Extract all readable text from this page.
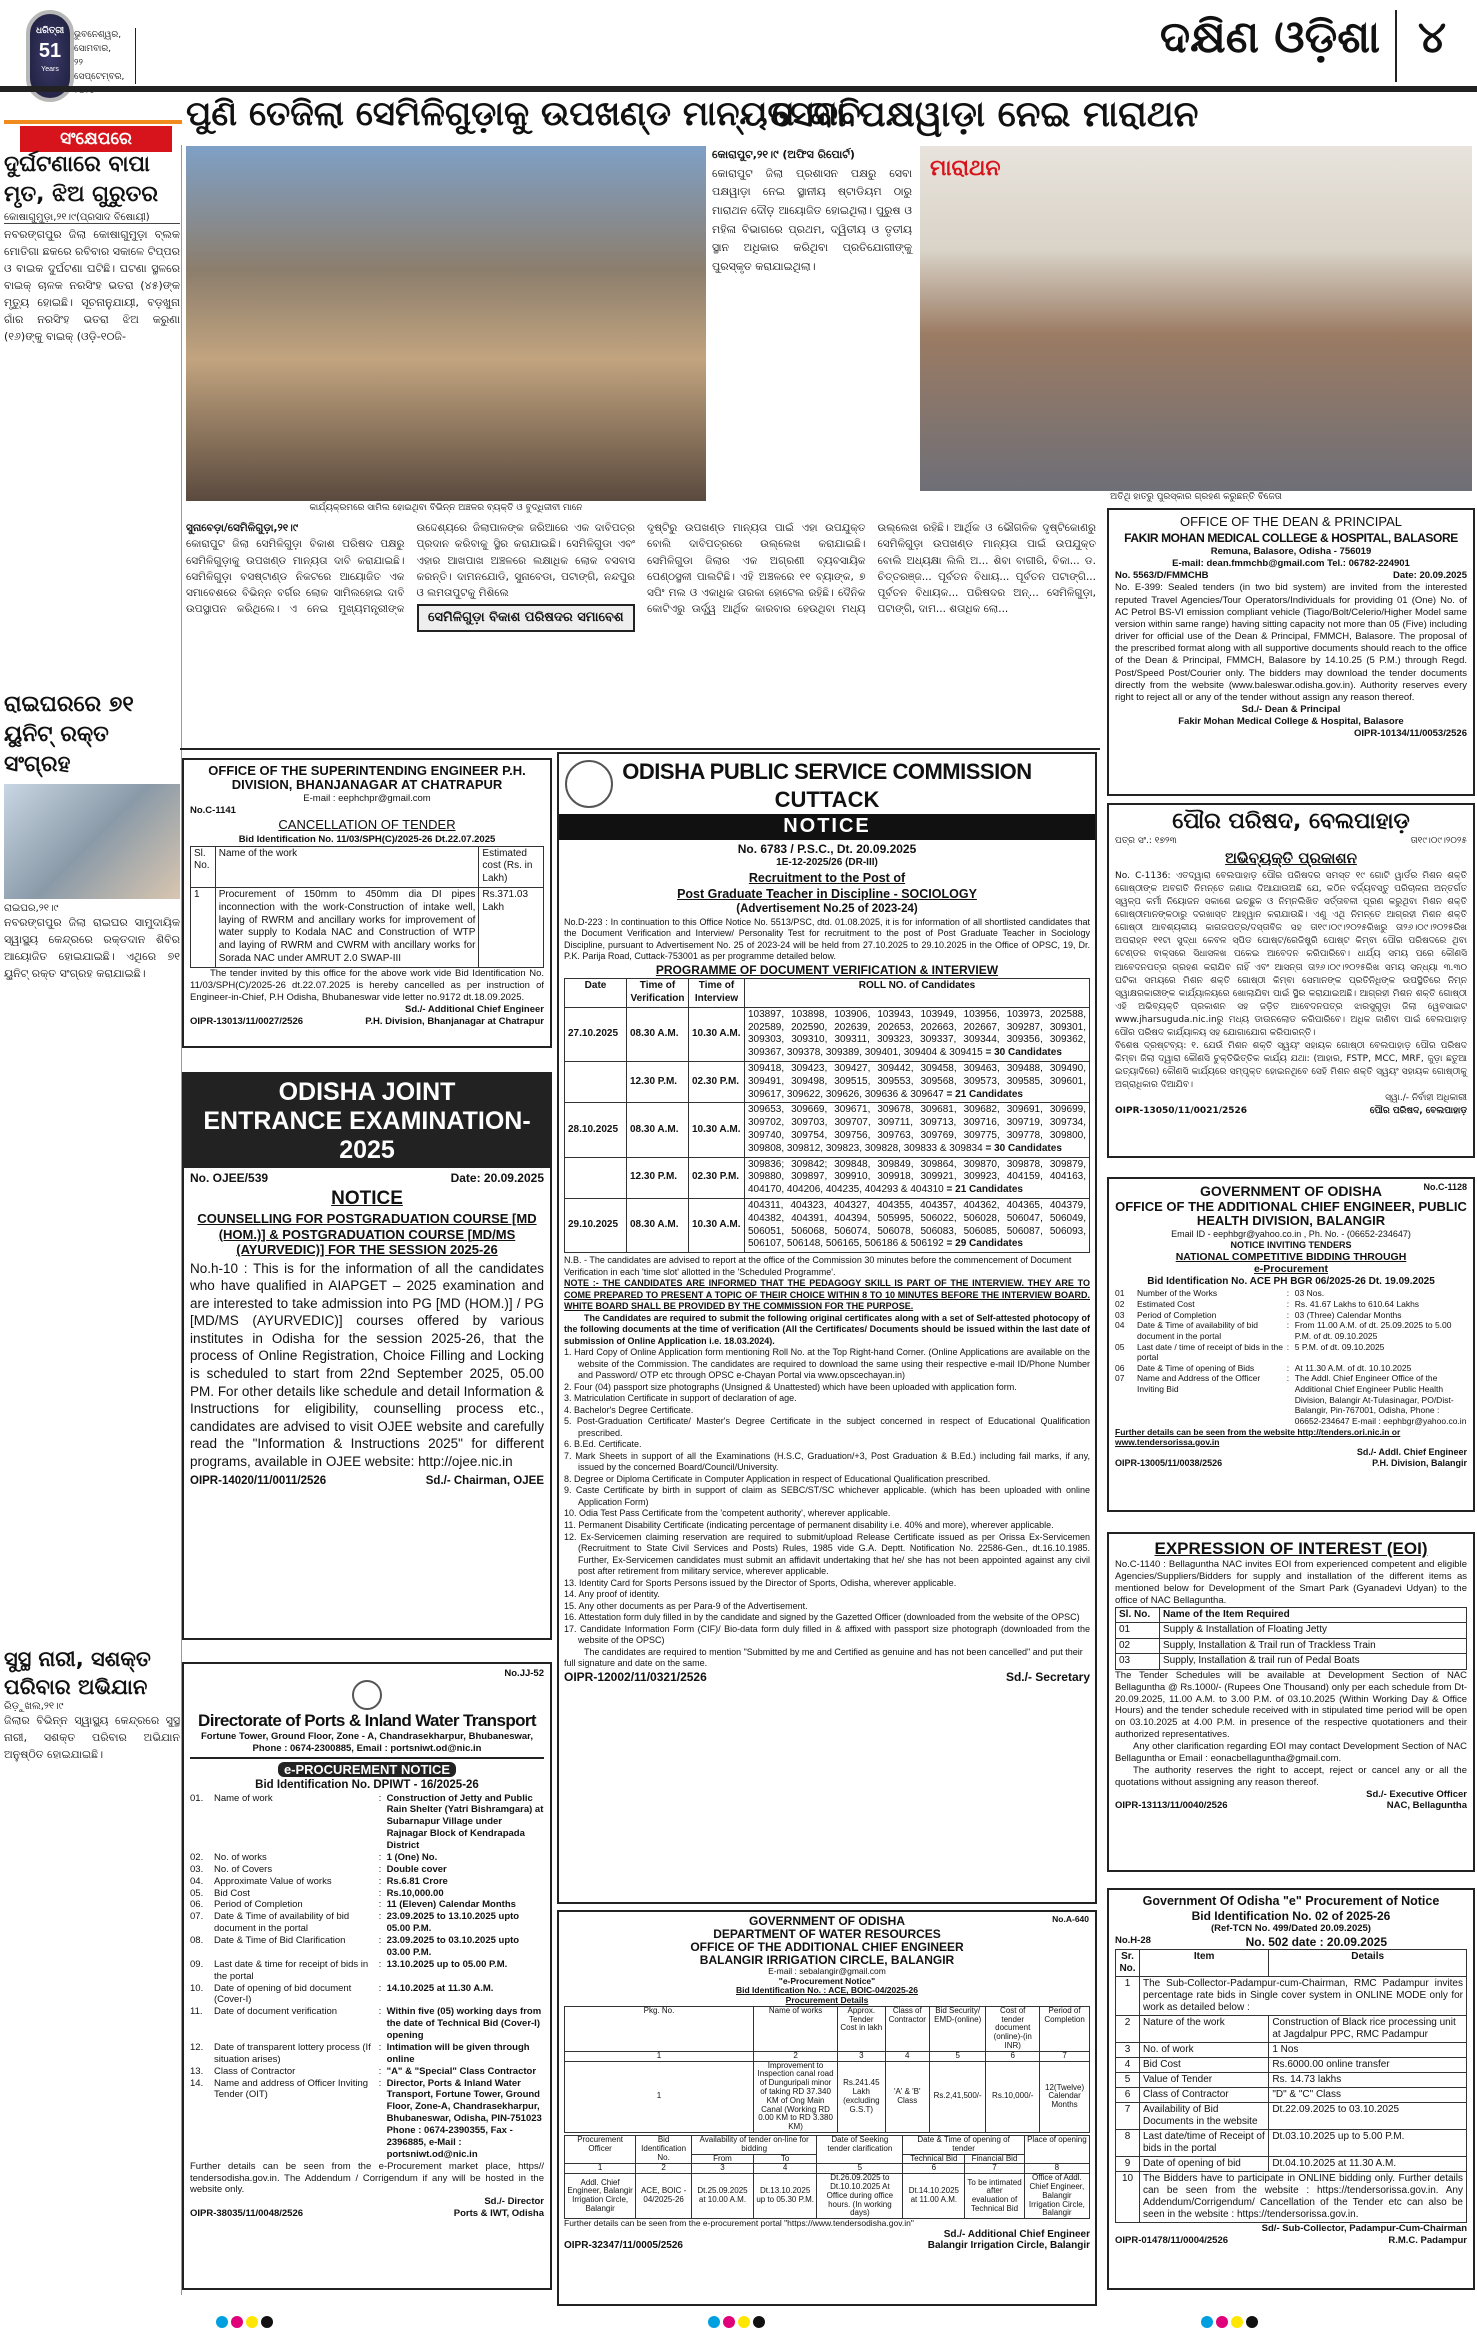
ଧରିତ୍ରୀ
51
Years
ଭୁବନେଶ୍ୱର, ସୋମବାର,
୨୨ ସେପ୍ଟେମ୍ବର,
ଦକ୍ଷିଣ ଓଡ଼ିଶା ୪
ସଂକ୍ଷେପରେ
ପୁଣି ତେଜିଲା ସେମିଳିଗୁଡ଼ାକୁ ଉପଖଣ୍ଡ ମାନ୍ୟତା ଦାବି
ସେବା ପକ୍ଷୱାଡ଼ା ନେଇ ମାରାଥନ
ଦୁର୍ଘଟଣାରେ ବାପା ମୃତ, ଝିଅ ଗୁରୁତର
କୋଷାଗୁମୁଡ଼ା,୨୧।୯(ପ୍ରସାଦ ବିଷୋୟୀ)
ନବରଙ୍ଗପୁର ଜିଲା କୋଷାଗୁମୁଡ଼ା ବ୍ଲକ ମୋତିଗା ଛକରେ ରବିବାର ସକାଳେ ଟିପ୍ପର ଓ ବାଇକ ଦୁର୍ଘଟଣା ଘଟିଛି। ଘଟଣା ସ୍ଥଳରେ ବାଇକ୍ ଚାଳକ ନରସିଂହ ଭତରା (୪୫)ଙ୍କ ମୃତ୍ୟୁ ହୋଇଛି। ସୂଚନାନୁଯାୟୀ, ବଡ଼ଖୁନା ଗାଁର ନରସିଂହ ଭତରା ଝିଅ କରୁଣା (୧୬)ଙ୍କୁ ବାଇକ୍ (ଓଡ଼ି-୧୦ଜି-
ରାଇଘରରେ ୭୧ ୟୁନିଟ୍ ରକ୍ତ ସଂଗ୍ରହ
ରାଇଘର,୨୧।୯
ନବରଙ୍ଗପୁର ଜିଲା ରାଇଘର ସାମୁଦାୟିକ ସ୍ୱାସ୍ଥ୍ୟ କେନ୍ଦ୍ରରେ ରକ୍ତଦାନ ଶିବିର ଆୟୋଜିତ ହୋଇଯାଇଛି। ଏଥିରେ ୭୧ ୟୁନିଟ୍ ରକ୍ତ ସଂଗ୍ରହ କରାଯାଇଛି।
ସୁସ୍ଥ ନାରୀ, ସଶକ୍ତ ପରିବାର ଅଭିଯାନ
ରିଡ଼ୁଖଲ,୨୧।୯
ଜିଲାର ବିଭିନ୍ନ ସ୍ୱାସ୍ଥ୍ୟ କେନ୍ଦ୍ରରେ ସୁସ୍ଥ ନାରୀ, ସଶକ୍ତ ପରିବାର ଅଭିଯାନ ଅନୁଷ୍ଠିତ ହୋଇଯାଇଛି।
କାର୍ଯ୍ୟକ୍ରମରେ ସାମିଲ ହୋଇଥିବା ବିଭିନ୍ନ ଅଞ୍ଚଳର ବ୍ୟକ୍ତି ଓ ବୁଦ୍ଧିଜୀବୀ ମାନେ
ସୁନାବେଡ଼ା/ସେମିଳିଗୁଡ଼ା,୨୧।୯
କୋରାପୁଟ ଜିଲା ସେମିଳିଗୁଡ଼ା ବିକାଶ ପରିଷଦ ପକ୍ଷରୁ ସେମିଳିଗୁଡ଼ାକୁ ଉପଖଣ୍ଡ ମାନ୍ୟତା ଦାବି କରାଯାଇଛି। ସେମିଳିଗୁଡ଼ା ବସଷ୍ଟାଣ୍ଡ ନିକଟରେ ଆୟୋଜିତ ଏକ ସମାବେଶରେ ବିଭିନ୍ନ ବର୍ଗର ଲୋକ ସାମିଲହୋଇ ଦାବି ଉପସ୍ଥାପନ କରିଥିଲେ। ଏ ନେଇ ମୁଖ୍ୟମନ୍ତ୍ରୀଙ୍କ ଉଦ୍ଦେଶ୍ୟରେ ଜିଲାପାଳଙ୍କ ଜରିଆରେ ଏକ ଦାବିପତ୍ର ପ୍ରଦାନ କରିବାକୁ ସ୍ଥିର କରାଯାଇଛି। ସେମିଳିଗୁଡା ଏବଂ ଏହାର ଆଖପାଖ ଅଞ୍ଚଳରେ ଲକ୍ଷାଧିକ ଲୋକ ବସବାସ କରନ୍ତି। ଦାମନଯୋଡି, ସୁନାବେଡା, ପଟାଙ୍ଗି, ନନ୍ଦପୁର ଓ ଲମତାପୁଟକୁ ମିଶିଲେ
ସେମିଳିଗୁଡ଼ା ବିକାଶ ପରିଷଦର ସମାବେଶ
ଦୃଷ୍ଟିରୁ ଉପଖଣ୍ଡ ମାନ୍ୟତା ପାଇଁ ଏହା ଉପଯୁକ୍ତ ବୋଲି ଦାବିପତ୍ରରେ ଉଲ୍ଲେଖ କରାଯାଇଛି। ସେମିଳିଗୁଡା ଜିଲାର ଏକ ଅଗ୍ରଣୀ ବ୍ୟବସାୟିକ ପେଣ୍ଠସ୍ଥଳୀ ପାଲଟିଛି। ଏହି ଅଞ୍ଚଳରେ ୧୧ ବ୍ୟାଙ୍କ, ୭ ସପିଂ ମଲ ଓ ଏକାଧିକ ତାରକା ହୋଟେଲ ରହିଛି। ଦୈନିକ କୋଟିଏରୁ ଊର୍ଦ୍ଧ୍ୱ ଆର୍ଥିକ କାରବାର ହେଉଥିବା ମଧ୍ୟ ଉଲ୍ଲେଖ ରହିଛି। ଆର୍ଥିକ ଓ ଭୌଗଳିକ ଦୃଷ୍ଟିକୋଣରୁ ସେମିଳିଗୁଡ଼ା ଉପଖଣ୍ଡ ମାନ୍ୟତା ପାଇଁ ଉପଯୁକ୍ତ ବୋଲି ଅଧ୍ୟକ୍ଷା ଲିଲି ଅ... ଶିବା ବାଗୀରି, ବିକା... ଡ. ଚିତ୍ତରଞ୍ଜ... ପୂର୍ବତନ ବିଧାୟ... ପୂର୍ବତନ ପଟାଙ୍ଗି... ପୂର୍ବତନ ବିଧାୟକ... ପରିଷଦର ଅନ୍... ସେମିଳିଗୁଡ଼ା, ପଟାଙ୍ଗି, ଦାମ... ଶତାଧିକ ଲୋ...
କୋରାପୁଟ,୨୧।୯ (ଅଫିସ ରିପୋର୍ଟ)
କୋରାପୁଟ ଜିଲା ପ୍ରଶାସନ ପକ୍ଷରୁ ସେବା ପକ୍ଷୱାଡ଼ା ନେଇ ସ୍ଥାନୀୟ ଷ୍ଟାଡିୟମ ଠାରୁ ମାରାଥନ ଦୌଡ଼ ଆୟୋଜିତ ହୋଇଥିଲା। ପୁରୁଷ ଓ ମହିଳା ବିଭାଗରେ ପ୍ରଥମ, ଦ୍ୱିତୀୟ ଓ ତୃତୀୟ ସ୍ଥାନ ଅଧିକାର କରିଥିବା ପ୍ରତିଯୋଗୀଙ୍କୁ ପୁରସ୍କୃତ କରାଯାଇଥିଲା।
ମାରାଥନ
ଅତିଥି ହାତରୁ ପୁରସ୍କାର ଗ୍ରହଣ କରୁଛନ୍ତି ବିଜେତା
OFFICE OF THE DEAN & PRINCIPAL
FAKIR MOHAN MEDICAL COLLEGE & HOSPITAL, BALASORE
Remuna, Balasore, Odisha - 756019
E-mail: dean.fmmchb@gmail.com Tel.: 06782-224901
No. 5563/D/FMMCHB	Date: 20.09.2025
No. E-399: Sealed tenders (in two bid system) are invited from the interested reputed Travel Agencies/Tour Operators/Individuals for providing 01 (One) No. of AC Petrol BS-VI emission compliant vehicle (Tiago/Bolt/Celerio/Higher Model same version within same range) having sitting capacity not more than 05 (Five) including driver for official use of the Dean & Principal, FMMCH, Balasore. The proposal of the prescribed format along with all supportive documents should reach to the office of the Dean & Principal, FMMCH, Balasore by 14.10.25 (5 P.M.) through Regd. Post/Speed Post/Courier only. The bidders may download the tender documents directly from the website (www.baleswar.odisha.gov.in). Authority reserves every right to reject all or any of the tender without assign any reason thereof.
Sd./- Dean & Principal
Fakir Mohan Medical College & Hospital, Balasore
OIPR-10134/11/0053/2526
OFFICE OF THE SUPERINTENDING ENGINEER P.H. DIVISION, BHANJANAGAR AT CHATRAPUR
E-mail : eephchpr@gmail.com
No.C-1141
CANCELLATION OF TENDER
Bid Identification No. 11/03/SPH(C)/2025-26 Dt.22.07.2025
Sl. No.	Name of the work	Estimated cost (Rs. in Lakh)
1	Procurement of 150mm to 450mm dia DI pipes inconnection with the work-Construction of intake well, laying of RWRM and ancillary works for improvement of water supply to Kodala NAC and Construction of WTP and laying of RWRM and CWRM with ancillary works for Sorada NAC under AMRUT 2.0 SWAP-III	Rs.371.03 Lakh
The tender invited by this office for the above work vide Bid Identification No. 11/03/SPH(C)/2025-26 dt.22.07.2025 is hereby cancelled as per instruction of Engineer-in-Chief, P.H Odisha, Bhubaneswar vide letter no.9172 dt.18.09.2025.
Sd./- Additional Chief Engineer
OIPR-13013/11/0027/2526	P.H. Division, Bhanjanagar at Chatrapur
ODISHA PUBLIC SERVICE COMMISSION
CUTTACK
NOTICE
No. 6783 / P.S.C., Dt. 20.09.2025
1E-12-2025/26 (DR-III)
Recruitment to the Post of
Post Graduate Teacher in Discipline - SOCIOLOGY
(Advertisement No.25 of 2023-24)
No.D-223 : In continuation to this Office Notice No. 5513/PSC, dtd. 01.08.2025, it is for information of all shortlisted candidates that the Document Verification and Interview/ Personality Test for recruitment to the post of Post Graduate Teacher in Sociology Discipline, pursuant to Advertisement No. 25 of 2023-24 will be held from 27.10.2025 to 29.10.2025 in the Office of OPSC, 19, Dr. P.K. Parija Road, Cuttack-753001 as per programme detailed below.
PROGRAMME OF DOCUMENT VERIFICATION & INTERVIEW
Date	Time of Verification	Time of Interview	ROLL NO. of Candidates
27.10.2025	08.30 A.M.	10.30 A.M.	103897, 103898, 103906, 103943, 103949, 103956, 103973, 202588, 202589, 202590, 202639, 202653, 202663, 202667, 309287, 309301, 309303, 309310, 309311, 309323, 309337, 309344, 309356, 309362, 309367, 309378, 309389, 309401, 309404 & 309415 = 30 Candidates
	12.30 P.M.	02.30 P.M.	309418, 309423, 309427, 309442, 309458, 309463, 309488, 309490, 309491, 309498, 309515, 309553, 309568, 309573, 309585, 309601, 309617, 309622, 309626, 309636 & 309647 = 21 Candidates
28.10.2025	08.30 A.M.	10.30 A.M.	309653, 309669, 309671, 309678, 309681, 309682, 309691, 309699, 309702, 309703, 309707, 309711, 309713, 309716, 309719, 309734, 309740, 309754, 309756, 309763, 309769, 309775, 309778, 309800, 309808, 309812, 309823, 309828, 309833 & 309834 = 30 Candidates
	12.30 P.M.	02.30 P.M.	309836; 309842; 309848, 309849, 309864, 309870, 309878, 309879, 309880, 309897, 309910, 309918, 309921, 309923, 404159, 404163, 404170, 404206, 404235, 404293 & 404310 = 21 Candidates
29.10.2025	08.30 A.M.	10.30 A.M.	404311, 404323, 404327, 404355, 404357, 404362, 404365, 404379, 404382, 404391, 404394, 505995, 506022, 506028, 506047, 506049, 506051, 506068, 506074, 506078, 506083, 506085, 506087, 506093, 506107, 506148, 506165, 506186 & 506192 = 29 Candidates
N.B. - The candidates are advised to report at the office of the Commission 30 minutes before the commencement of Document Verification in each 'time slot' allotted in the 'Scheduled Programme'.
NOTE :- THE CANDIDATES ARE INFORMED THAT THE PEDAGOGY SKILL IS PART OF THE INTERVIEW. THEY ARE TO COME PREPARED TO PRESENT A TOPIC OF THEIR CHOICE WITHIN 8 TO 10 MINUTES BEFORE THE INTERVIEW BOARD. WHITE BOARD SHALL BE PROVIDED BY THE COMMISSION FOR THE PURPOSE.
The Candidates are required to submit the following original certificates along with a set of Self-attested photocopy of the following documents at the time of verification (All the Certificates/ Documents should be issued within the last date of submission of Online Application i.e. 18.03.2024).
1. Hard Copy of Online Application form mentioning Roll No. at the Top Right-hand Corner. (Online Applications are available on the website of the Commission. The candidates are required to download the same using their respective e-mail ID/Phone Number and Password/ OTP etc through OPSC e-Chayan Portal via www.opscechayan.in)
2. Four (04) passport size photographs (Unsigned & Unattested) which have been uploaded with application form.
3. Matriculation Certificate in support of declaration of age.
4. Bachelor's Degree Certificate.
5. Post-Graduation Certificate/ Master's Degree Certificate in the subject concerned in respect of Educational Qualification prescribed.
6. B.Ed. Certificate.
7. Mark Sheets in support of all the Examinations (H.S.C, Graduation/+3, Post Graduation & B.Ed.) including fail marks, if any, issued by the concerned Board/Council/University.
8. Degree or Diploma Certificate in Computer Application in respect of Educational Qualification prescribed.
9. Caste Certificate by birth in support of claim as SEBC/ST/SC whichever applicable. (which has been uploaded with online Application Form)
10. Odia Test Pass Certificate from the 'competent authority', wherever applicable.
11. Permanent Disability Certificate (indicating percentage of permanent disability i.e. 40% and more), wherever applicable.
12. Ex-Servicemen claiming reservation are required to submit/upload Release Certificate issued as per Orissa Ex-Servicemen (Recruitment to State Civil Services and Posts) Rules, 1985 vide G.A. Deptt. Notification No. 22586-Gen., dt.16.10.1985. Further, Ex-Servicemen candidates must submit an affidavit undertaking that he/ she has not been appointed against any civil post after retirement from military service, wherever applicable.
13. Identity Card for Sports Persons issued by the Director of Sports, Odisha, wherever applicable.
14. Any proof of identity.
15. Any other documents as per Para-9 of the Advertisement.
16. Attestation form duly filled in by the candidate and signed by the Gazetted Officer (downloaded from the website of the OPSC)
17. Candidate Information Form (CIF)/ Bio-data form duly filled in & affixed with passport size photograph (downloaded from the website of the OPSC)
The candidates are required to mention "Submitted by me and Certified as genuine and has not been cancelled" and put their full signature and date on the same.
OIPR-12002/11/0321/2526	Sd./- Secretary
ପୌର ପରିଷଦ, ବେଲପାହାଡ଼
ପତ୍ର ସଂ.: ୧୭୨୩	ତା୧୯।୦୯।୨୦୨୫
ଅଭିବ୍ୟକ୍ତି ପ୍ରକାଶନ
No. C-1136: ଏତଦ୍ୱାରା ବେଲପାହାଡ଼ ପୌର ପରିଷଦର ସମସ୍ତ ୧୯ ଗୋଟି ୱାର୍ଡର ମିଶନ ଶକ୍ତି ଗୋଷ୍ଠୀଙ୍କ ଅବଗତି ନିମନ୍ତେ ଜଣାଇ ଦିଆଯାଉଅଛି ଯେ, କଠିନ ବର୍ଜ୍ୟବସ୍ତୁ ପରିଚାଳନା ଅନ୍ତର୍ଗତ ସ୍ୱଳ୍ପ କର୍ମୀ ନିୟୋଜନ ସକାଶେ ଇଚ୍ଛୁକ ଓ ନିମ୍ନଲିଖିତ ସର୍ତ୍ତାବଳୀ ପୂରଣ କରୁଥିବା ମିଶନ ଶକ୍ତି ଗୋଷ୍ଠୀମାନଙ୍କଠାରୁ ଦରଖାସ୍ତ ଆହ୍ୱାନ କରାଯାଉଛି। ଏଣୁ ଏଥି ନିମନ୍ତେ ଆଗ୍ରହୀ ମିଶନ ଶକ୍ତି ଗୋଷ୍ଠୀ ଆବଶ୍ୟକୀୟ କାଗଜପତ୍ର/ଦସ୍ତାବିଜ ସହ ତା୧୯।୦୯।୨୦୨୫ରିଖରୁ ତା୨୬।୦୯।୨୦୨୫ରିଖ ଅପରାହ୍ନ ୧୧ଟା ସୁଦ୍ଧା କେବଳ ସ୍ପିଡ ପୋଷ୍ଟ/ରେଜିଷ୍ଟ୍ରି ପୋଷ୍ଟ କିମ୍ବା ପୌର ପରିଷଦରେ ଥିବା ଟେଣ୍ଡର ବାକ୍ସରେ ସିଧାସଳଖ ପକେଇ ଆବେଦନ କରିପାରିବେ। ଧାର୍ଯ୍ୟ ସମୟ ପରେ କୌଣସି ଆବେଦନପତ୍ର ଗ୍ରହଣ କରାଯିବ ନାହିଁ ଏବଂ ଆସନ୍ତା ତା୨୬।୦୯।୨୦୨୫ରିଖ ସମୟ ସନ୍ଧ୍ୟା ୩.୩୦ ଘଟିକା ସମୟରେ ମିଶନ ଶକ୍ତି ଗୋଷ୍ଠୀ କିମ୍ବା ସେମାନଙ୍କ ପ୍ରତିନିଧିଙ୍କ ଉପସ୍ଥିତିରେ ନିମ୍ନ ସ୍ୱାକ୍ଷରକାରୀଙ୍କ କାର୍ଯ୍ୟାଳୟରେ ଖୋଲାଯିବା ପାଇଁ ସ୍ଥିର କରାଯାଇଅଛି। ଆଗ୍ରହୀ ମିଶନ ଶକ୍ତି ଗୋଷ୍ଠୀ ଏହି ଅଭିବ୍ୟକ୍ତି ପ୍ରକାଶନ ସହ ଜଡ଼ିତ ଆବେଦନପତ୍ର ଝାରସୁଗୁଡ଼ା ଜିଲା ୱେବସାଇଟ www.jharsuguda.nic.inରୁ ମଧ୍ୟ ଡାଉନଲୋଡ କରିପାରିବେ। ଅଧିକ ଜାଣିବା ପାଇଁ ବେଲପାହାଡ଼ ପୌର ପରିଷଦ କାର୍ଯ୍ୟାଳୟ ସହ ଯୋଗାଯୋଗ କରିପାରନ୍ତି।
ବିଶେଷ ଦ୍ରଷ୍ଟବ୍ୟ: ୧. ଯେଉଁ ମିଶନ ଶକ୍ତି ସ୍ୱୟଂ ସହାୟକ ଗୋଷ୍ଠୀ ବେଲପାହାଡ଼ ପୌର ପରିଷଦ କିମ୍ବା ଜିଲା ଦ୍ୱାରା କୌଣସି ଚୁକ୍ତିଭିତ୍ତିକ କାର୍ଯ୍ୟ ଯଥା: (ଆହାର, FSTP, MCC, MRF, ଜୁଡ଼ା ଛତୁଆ ଇତ୍ୟାଦିରେ) କୌଣସି କାର୍ଯ୍ୟରେ ସମ୍ପୃକ୍ତ ହୋଇନଥିବେ ସେହି ମିଶନ ଶକ୍ତି ସ୍ୱୟଂ ସହାୟକ ଗୋଷ୍ଠୀକୁ ଅଗ୍ରାଧିକାର ଦିଆଯିବ।
ସ୍ୱା./- ନିର୍ବାହୀ ଅଧିକାରୀ
OIPR-13050/11/0021/2526	ପୌର ପରିଷଦ, ବେଲପାହାଡ଼
ODISHA JOINT
ENTRANCE EXAMINATION-2025
No. OJEE/539	Date: 20.09.2025
NOTICE
COUNSELLING FOR POSTGRADUATION COURSE [MD (HOM.)] & POSTGRADUATION COURSE [MD/MS (AYURVEDIC)] FOR THE SESSION 2025-26
No.h-10 : This is for the information of all the candidates who have qualified in AIAPGET – 2025 examination and are interested to take admission into PG [MD (HOM.)] / PG [MD/MS (AYURVEDIC)] courses offered by various institutes in Odisha for the session 2025-26, that the process of Online Registration, Choice Filling and Locking is scheduled to start from 22nd September 2025, 05.00 PM. For other details like schedule and detail Information & Instructions for eligibility, counselling process etc., candidates are advised to visit OJEE website and carefully read the "Information & Instructions 2025" for different programs, available in OJEE website: http://ojee.nic.in
OIPR-14020/11/0011/2526	Sd./- Chairman, OJEE
No.C-1128
GOVERNMENT OF ODISHA
OFFICE OF THE ADDITIONAL CHIEF ENGINEER, PUBLIC HEALTH DIVISION, BALANGIR
Email ID - eephbgr@yahoo.co.in , Ph. No. - (06652-234647)
NOTICE INVITING TENDERS
NATIONAL COMPETITIVE BIDDING THROUGH
e-Procurement
Bid Identification No. ACE PH BGR 06/2025-26 Dt. 19.09.2025
01	Number of the Works	: 03 Nos.
02	Estimated Cost	: Rs. 41.67 Lakhs to 610.64 Lakhs
03	Period of Completion	: 03 (Three) Calendar Months
04	Date & Time of availability of bid document in the portal
: From 11.00 A.M. of dt. 25.09.2025 to 5.00 P.M. of dt. 09.10.2025
05	Last date / time of receipt of bids in the portal
: 5 P.M. of dt. 09.10.2025
06	Date & Time of opening of Bids	: At 11.30 A.M. of dt. 10.10.2025
07	Name and Address of the Officer Inviting Bid
: The Addl. Chief Engineer Office of the Additional Chief Engineer Public Health Division, Balangir At-Tulasinagar, PO/Dist-Balangir, Pin-767001, Odisha, Phone : 06652-234647 E-mail : eephbgr@yahoo.co.in
Further details can be seen from the website http://tenders.ori.nic.in or www.tendersorissa.gov.in
Sd./- Addl. Chief Engineer
OIPR-13005/11/0038/2526	P.H. Division, Balangir
EXPRESSION OF INTEREST (EOI)
No.C-1140 : Bellaguntha NAC invites EOI from experienced competent and eligible Agencies/Suppliers/Bidders for supply and installation of the different items as mentioned below for Development of the Smart Park (Gyanadevi Udyan) to the office of NAC Bellaguntha.
Sl. No.	Name of the Item Required
01	Supply & Installation of Floating Jetty
02	Supply, Installation & Trail run of Trackless Train
03	Supply, Installation & trail run of Pedal Boats
The Tender Schedules will be available at Development Section of NAC Bellaguntha @ Rs.1000/- (Rupees One Thousand) only per each schedule from Dt-20.09.2025, 11.00 A.M. to 3.00 P.M. of 03.10.2025 (Within Working Day & Office Hours) and the tender schedule received with in stipulated time period will be open on 03.10.2025 at 4.00 P.M. in presence of the respective quotationers and their authorized representatives.
Any other clarification regarding EOI may contact Development Section of NAC Bellaguntha or Email : eonacbellaguntha@gmail.com.
The authority reserves the right to accept, reject or cancel any or all the quotations without assigning any reason thereof.
Sd./- Executive Officer
OIPR-13113/11/0040/2526	NAC, Bellaguntha
No.JJ-52
Directorate of Ports & Inland Water Transport
Fortune Tower, Ground Floor, Zone - A, Chandrasekharpur, Bhubaneswar, Phone : 0674-2300885, Email : portsniwt.od@nic.in
e-PROCUREMENT NOTICE
Bid Identification No. DPIWT - 16/2025-26
01.	Name of work	: Construction of Jetty and Public Rain Shelter (Yatri Bishramgara) at Subarnapur Village under Rajnagar Block of Kendrapada District
02.	No. of works	: 1 (One) No.
03.	No. of Covers	: Double cover
04.	Approximate Value of works	: Rs.6.81 Crore
05.	Bid Cost	: Rs.10,000.00
06.	Period of Completion	: 11 (Eleven) Calendar Months
07.	Date & Time of availability of bid document in the portal
: 23.09.2025 to 13.10.2025 upto 05.00 P.M.
08.	Date & Time of Bid Clarification	: 23.09.2025 to 03.10.2025 upto 03.00 P.M.
09.	Last date & time for receipt of bids in the portal
: 13.10.2025 up to 05.00 P.M.
10.	Date of opening of bid document (Cover-I)
: 14.10.2025 at 11.30 A.M.
11.	Date of document verification	: Within five (05) working days from the date of Technical Bid (Cover-I) opening
12.	Date of transparent lottery process (If situation arises)
: Intimation will be given through online
13.	Class of Contractor	: "A" & "Special" Class Contractor
14.	Name and address of Officer Inviting Tender (OIT)
: Director, Ports & Inland Water Transport, Fortune Tower, Ground Floor, Zone-A, Chandrasekharpur, Bhubaneswar, Odisha, PIN-751023 Phone : 0674-2390355, Fax - 2396885, e-Mail : portsniwt.od@nic.in
Further details can be seen from the e-Procurement market place, https// tendersodisha.gov.in. The Addendum / Corrigendum if any will be hosted in the website only.
Sd./- Director
OIPR-38035/11/0048/2526	Ports & IWT, Odisha
No.A-640
GOVERNMENT OF ODISHA
DEPARTMENT OF WATER RESOURCES
OFFICE OF THE ADDITIONAL CHIEF ENGINEER
BALANGIR IRRIGATION CIRCLE, BALANGIR
E-mail : sebalangir@gmail.com
"e-Procurement Notice"
Bid Identification No. : ACE, BOIC-04/2025-26
Procurement Details
Pkg. No.	Name of works	Approx. Tender Cost in lakh	Class of Contractor	Bid Security/ EMD-(online)	Cost of tender document (online)-(in INR)	Period of Completion
1	2	3	4	5	6	7
1	Improvement to Inspection canal road of Dunguripali minor of taking RD 37.340 KM of Ong Main Canal (Working RD 0.00 KM to RD 3.380 KM)	Rs.241.45 Lakh (excluding G.S.T)	'A' & 'B' Class	Rs.2,41,500/-	Rs.10,000/-	12(Twelve) Calendar Months
Procurement Officer	Bid Identification No.	Availability of tender on-line for bidding		Date of Seeking tender clarification	Date & Time of opening of tender		Place of opening
		From	To		Technical Bid	Financial Bid	
1	2	3	4	5	6	7	8
Addl. Chief Engineer, Balangir Irrigation Circle, Balangir	ACE, BOIC - 04/2025-26	Dt.25.09.2025 at 10.00 A.M.	Dt.13.10.2025 up to 05.30 P.M.	Dt.26.09.2025 to Dt.10.10.2025 At Office during office hours. (In working days)	Dt.14.10.2025 at 11.00 A.M.	To be intimated after evaluation of Technical Bid	Office of Addl. Chief Engineer, Balangir Irrigation Circle, Balangir
Further details can be seen from the e-procurement portal "https://www.tendersodisha.gov.in"
Sd./- Additional Chief Engineer
OIPR-32347/11/0005/2526	Balangir Irrigation Circle, Balangir
Government Of Odisha "e" Procurement of Notice
Bid Identification No. 02 of 2025-26
(Ref-TCN No. 499/Dated 20.09.2025)
No.H-28	No. 502 date : 20.09.2025
Sr. No.	Item	Details
1	The Sub-Collector-Padampur-cum-Chairman, RMC Padampur invites percentage rate bids in Single cover system in ONLINE MODE only for work as detailed below :	
2	Nature of the work	Construction of Black rice processing unit at Jagdalpur PPC, RMC Padampur
3	No. of work	1 Nos
4	Bid Cost	Rs.6000.00 online transfer
5	Value of Tender	Rs. 14.73 lakhs
6	Class of Contractor	"D" & "C" Class
7	Availability of Bid Documents in the website	Dt.22.09.2025 to 03.10.2025
8	Last date/time of Receipt of bids in the portal	Dt.03.10.2025 up to 5.00 P.M.
9	Date of opening of bid	Dt.04.10.2025 at 11.30 A.M.
10	The Bidders have to participate in ONLINE bidding only. Further details can be seen from the website : https://tendersorissa.gov.in. Any Addendum/Corrigendum/ Cancellation of the Tender etc can also be seen in the website : https://tendersorissa.gov.in.	
Sd/- Sub-Collector, Padampur-Cum-Chairman
OIPR-01478/11/0004/2526	R.M.C. Padampur
